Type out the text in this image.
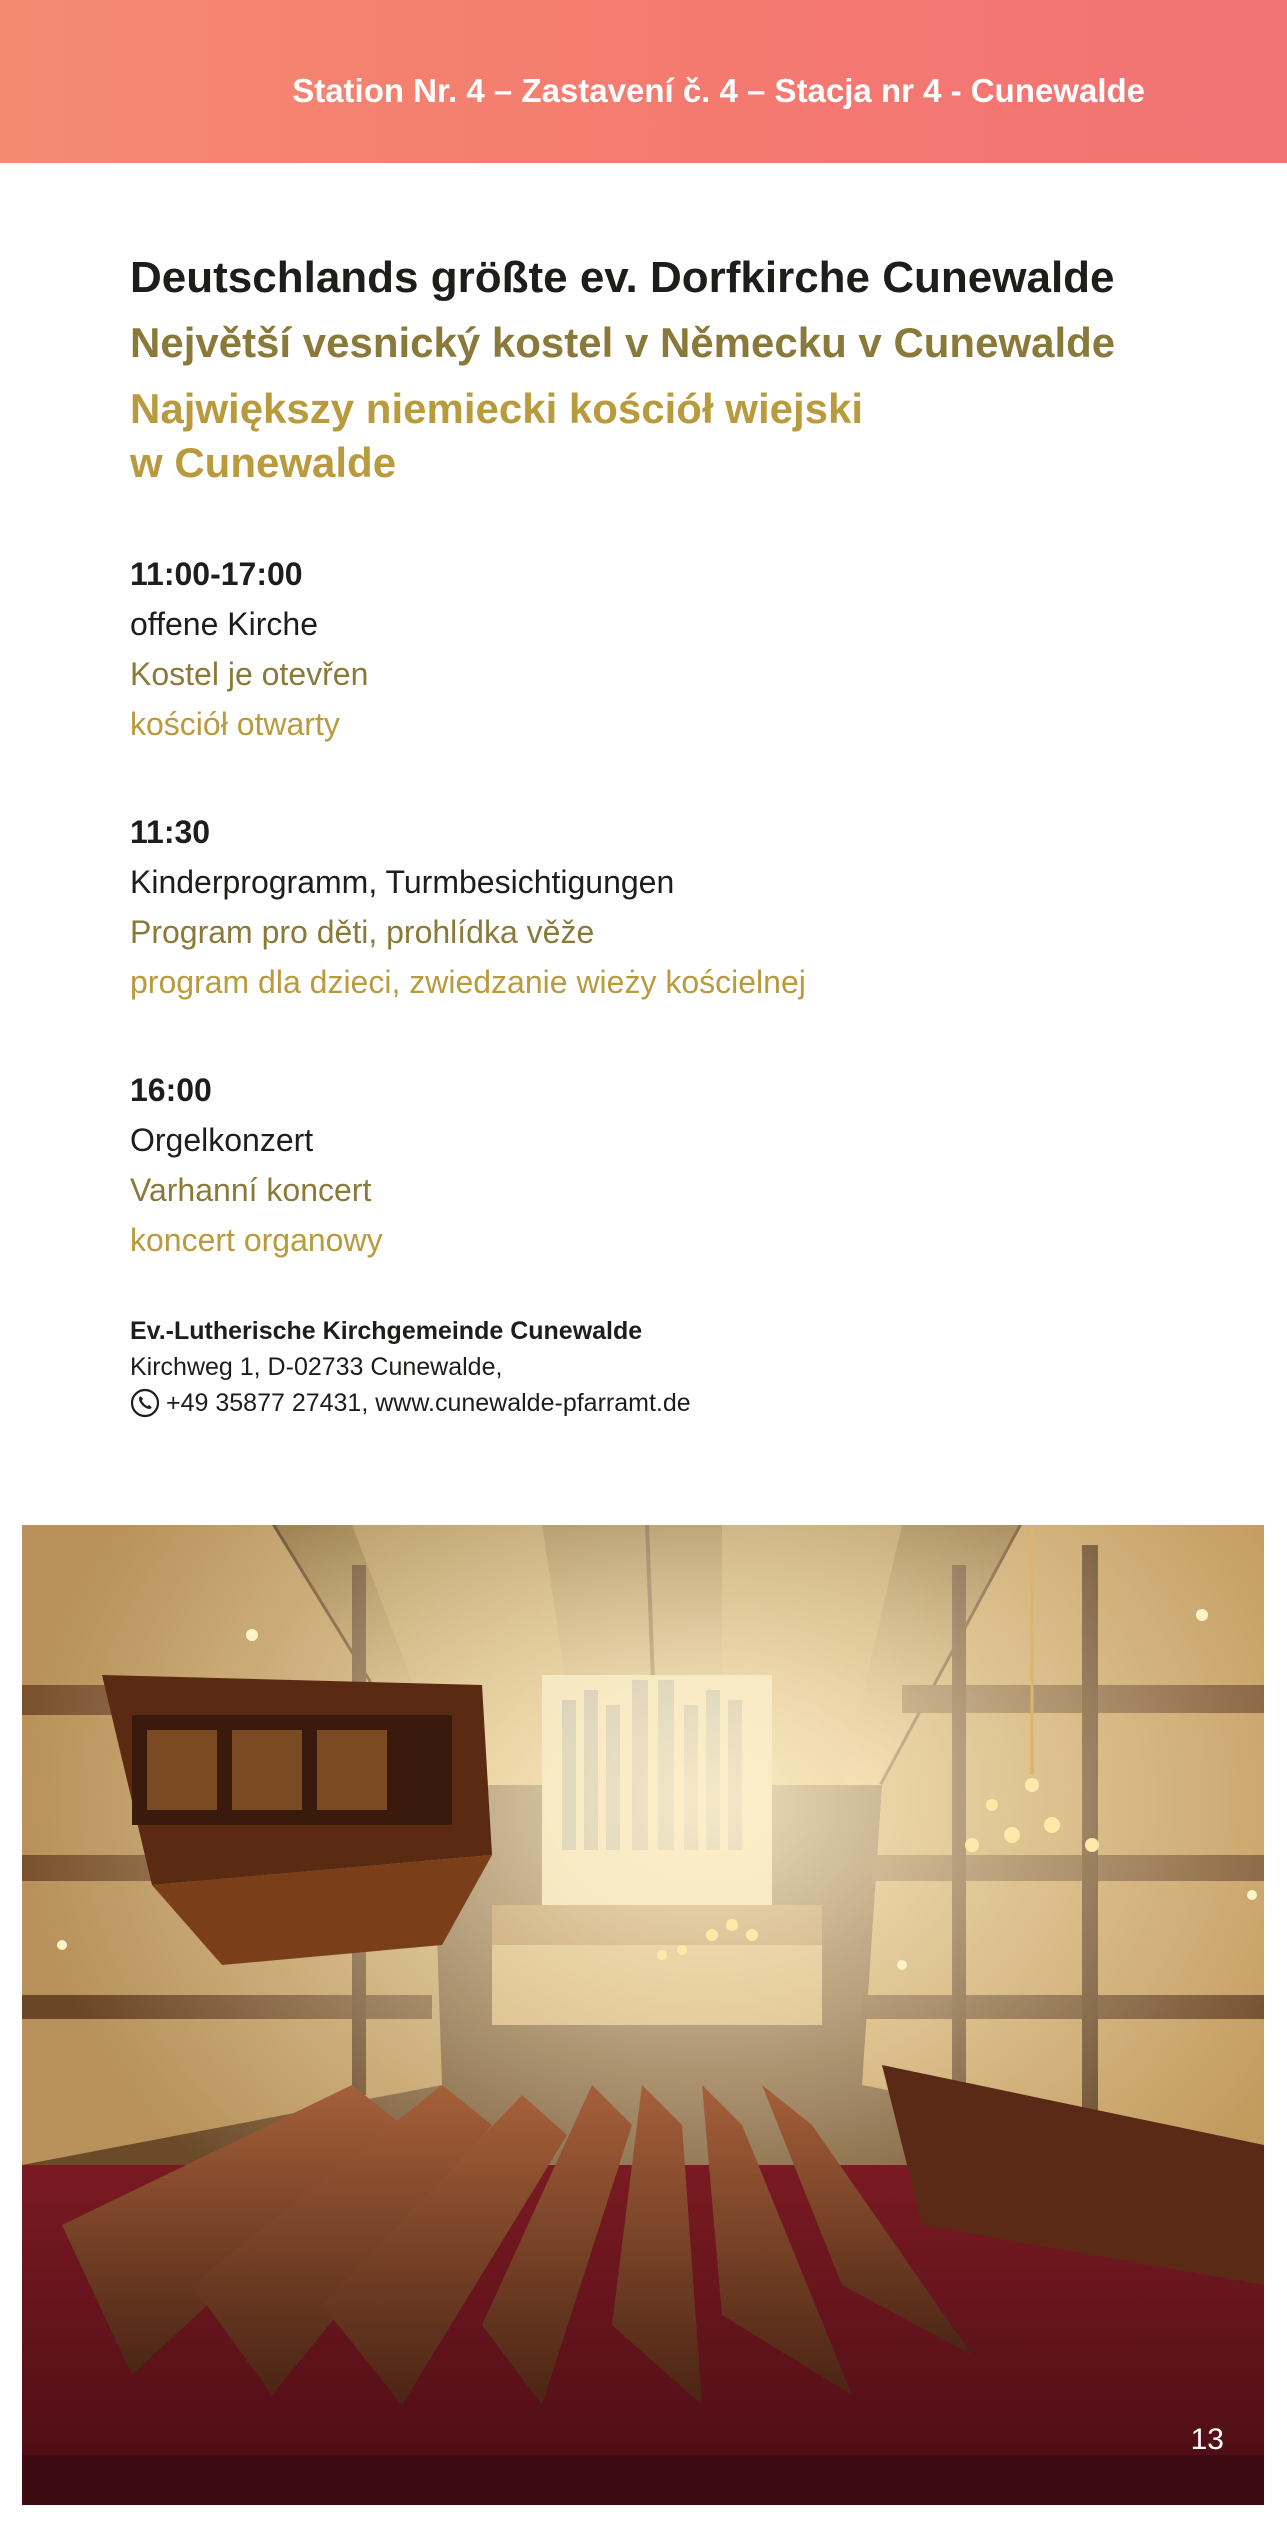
Station Nr. 4 – Zastavení č. 4 – Stacja nr 4 - Cunewalde
Deutschlands größte ev. Dorfkirche Cunewalde
Největší vesnický kostel v Německu v Cunewalde
Największy niemiecki kościół wiejski
w Cunewalde
11:00-17:00
offene Kirche
Kostel je otevřen
kościół otwarty
11:30
Kinderprogramm, Turmbesichtigungen
Program pro děti, prohlídka věže
program dla dzieci, zwiedzanie wieży kościelnej
16:00
Orgelkonzert
Varhanní koncert
koncert organowy
Ev.-Lutherische Kirchgemeinde Cunewalde
Kirchweg 1, D-02733 Cunewalde,
+49 35877 27431, www.cunewalde-pfarramt.de
13
